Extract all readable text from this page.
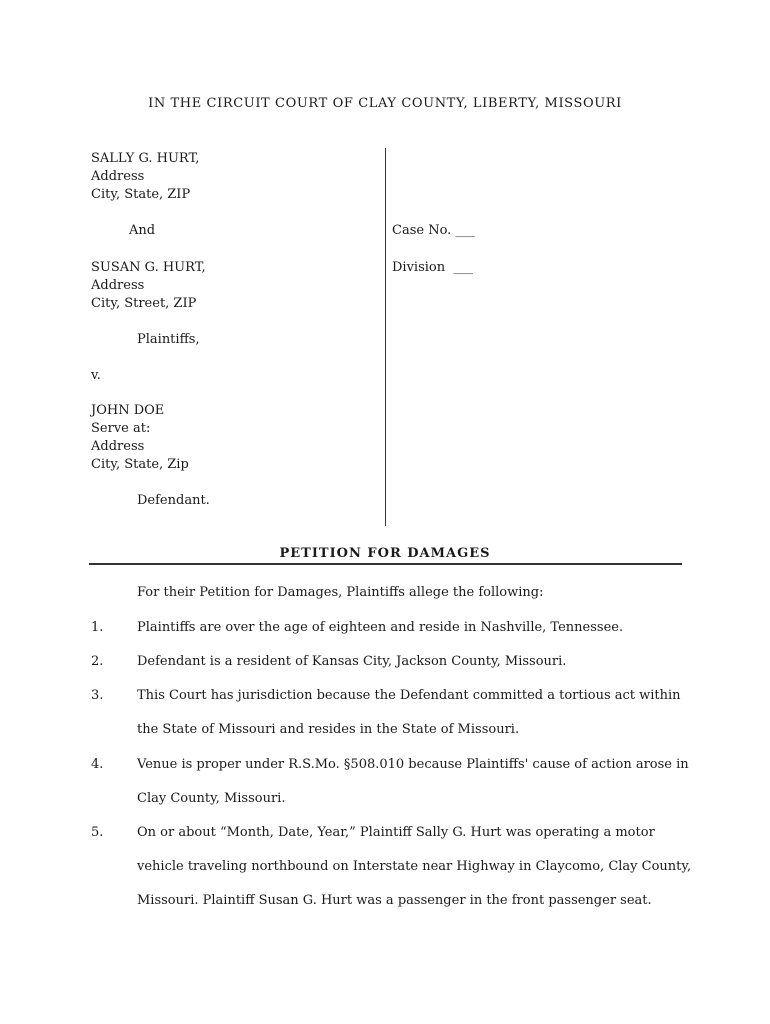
IN THE CIRCUIT COURT OF CLAY COUNTY, LIBERTY, MISSOURI
SALLY G. HURT,
Address
City, State, ZIP
And
SUSAN G. HURT,
Address
City, Street, ZIP
Plaintiffs,
v.
JOHN DOE
Serve at:
Address
City, State, Zip
Defendant.
Case No. ___
Division  ___
PETITION FOR DAMAGES
For their Petition for Damages, Plaintiffs allege the following:
1.	Plaintiffs are over the age of eighteen and reside in Nashville, Tennessee.
2.	Defendant is a resident of Kansas City, Jackson County, Missouri.
3.	This Court has jurisdiction because the Defendant committed a tortious act within
the State of Missouri and resides in the State of Missouri.
4.	Venue is proper under R.S.Mo. §508.010 because Plaintiffs' cause of action arose in
Clay County, Missouri.
5.	On or about “Month, Date, Year,” Plaintiff Sally G. Hurt was operating a motor
vehicle traveling northbound on Interstate near Highway in Claycomo, Clay County,
Missouri. Plaintiff Susan G. Hurt was a passenger in the front passenger seat.
